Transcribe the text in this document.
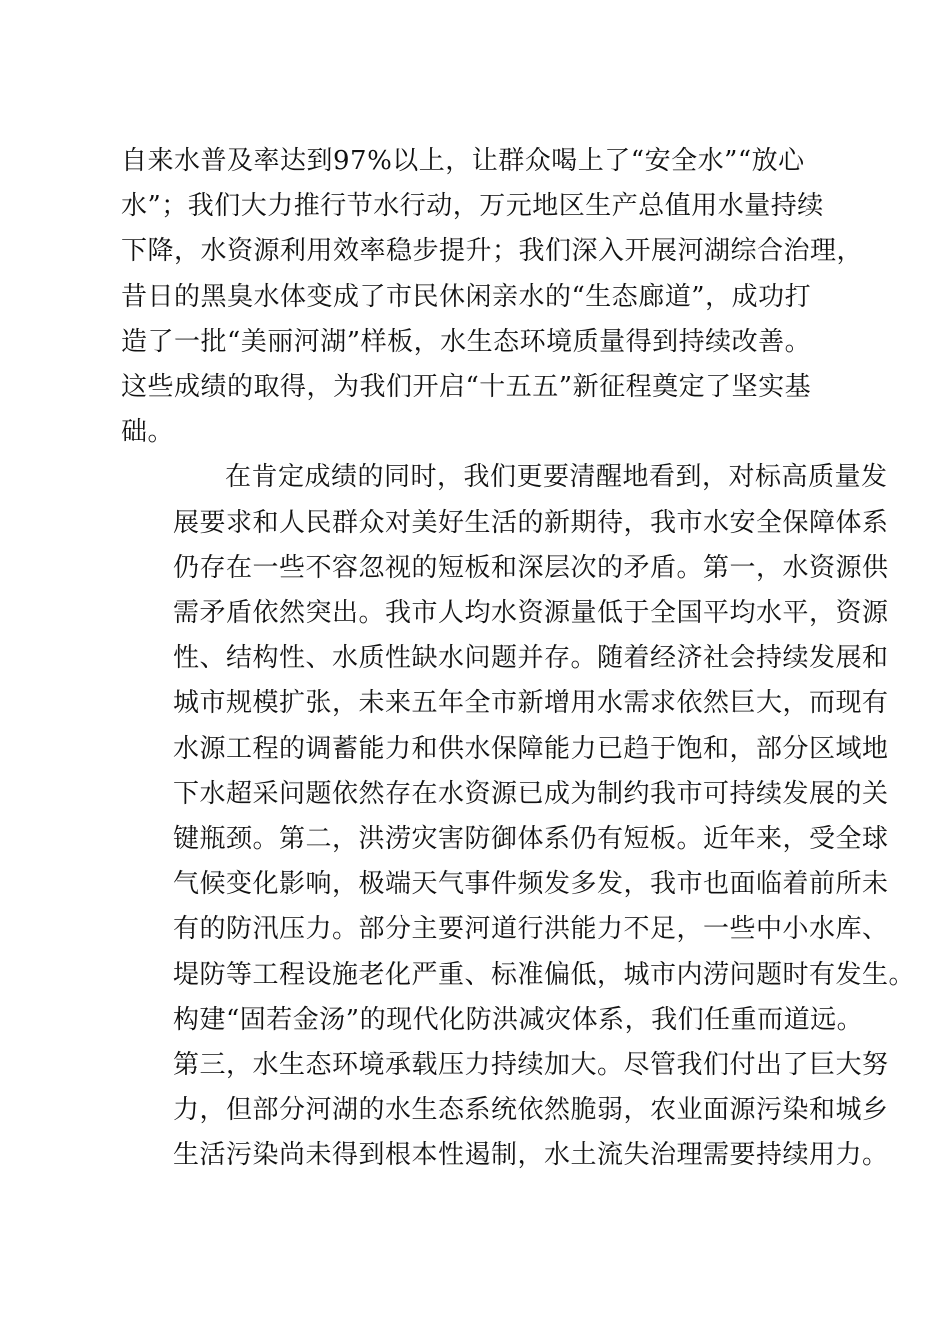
自来水普及率达到97%以上，让群众喝上了“安全水”“放心
水”；我们大力推行节水行动，万元地区生产总值用水量持续
下降，水资源利用效率稳步提升；我们深入开展河湖综合治理，
昔日的黑臭水体变成了市民休闲亲水的“生态廊道”，成功打
造了一批“美丽河湖”样板，水生态环境质量得到持续改善。
这些成绩的取得，为我们开启“十五五”新征程奠定了坚实基
础。

在肯定成绩的同时，我们更要清醒地看到，对标高质量发

展要求和人民群众对美好生活的新期待，我市水安全保障体系
仍存在一些不容忽视的短板和深层次的矛盾。第一，水资源供
需矛盾依然突出。我市人均水资源量低于全国平均水平，资源
性、结构性、水质性缺水问题并存。随着经济社会持续发展和
城市规模扩张，未来五年全市新增用水需求依然巨大，而现有
水源工程的调蓄能力和供水保障能力已趋于饱和，部分区域地
下水超采问题依然存在水资源已成为制约我市可持续发展的关
键瓶颈。第二，洪涝灾害防御体系仍有短板。近年来，受全球
气候变化影响，极端天气事件频发多发，我市也面临着前所未
有的防汛压力。部分主要河道行洪能力不足，一些中小水库、
堤防等工程设施老化严重、标准偏低，城市内涝问题时有发生。
构建“固若金汤”的现代化防洪减灾体系，我们任重而道远。
第三，水生态环境承载压力持续加大。尽管我们付出了巨大努
力，但部分河湖的水生态系统依然脆弱，农业面源污染和城乡
生活污染尚未得到根本性遏制，水土流失治理需要持续用力。
